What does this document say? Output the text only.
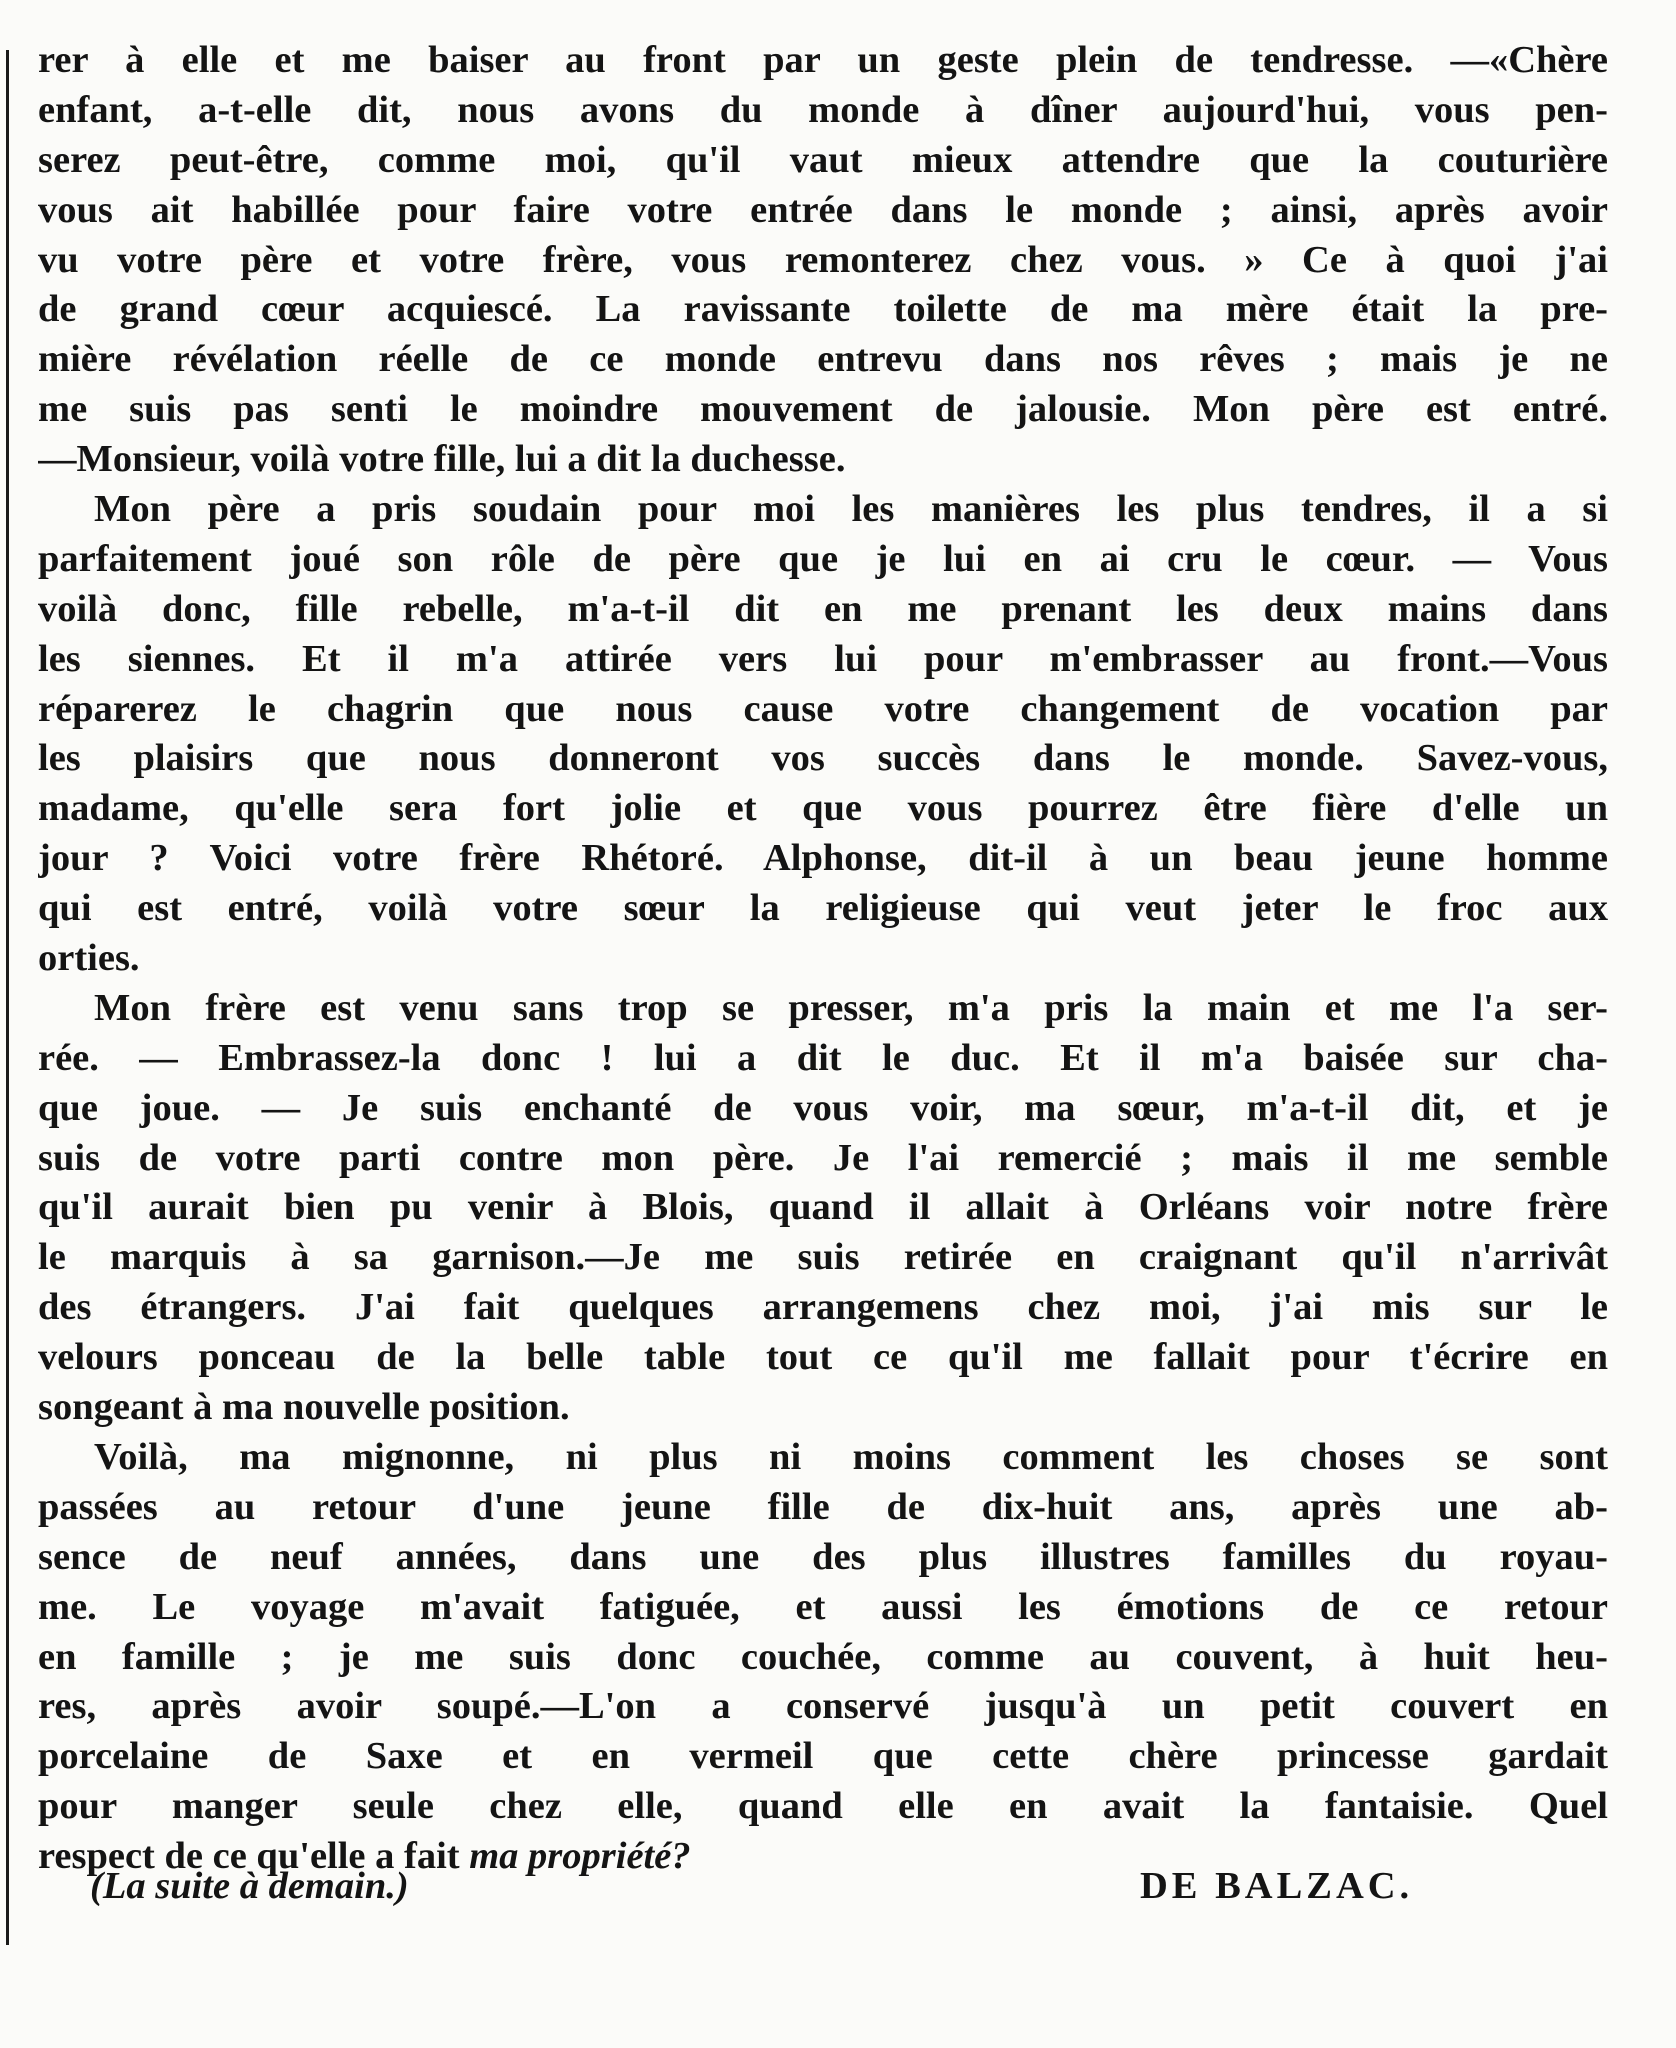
rer à elle et me baiser au front par un geste plein de tendresse. —«Chère
enfant, a-t-elle dit, nous avons du monde à dîner aujourd'hui, vous pen-
serez peut-être, comme moi, qu'il vaut mieux attendre que la couturière
vous ait habillée pour faire votre entrée dans le monde ; ainsi, après avoir
vu votre père et votre frère, vous remonterez chez vous. » Ce à quoi j'ai
de grand cœur acquiescé. La ravissante toilette de ma mère était la pre-
mière révélation réelle de ce monde entrevu dans nos rêves ; mais je ne
me suis pas senti le moindre mouvement de jalousie. Mon père est entré.
—Monsieur, voilà votre fille, lui a dit la duchesse.
Mon père a pris soudain pour moi les manières les plus tendres, il a si
parfaitement joué son rôle de père que je lui en ai cru le cœur. — Vous
voilà donc, fille rebelle, m'a-t-il dit en me prenant les deux mains dans
les siennes. Et il m'a attirée vers lui pour m'embrasser au front.—Vous
réparerez le chagrin que nous cause votre changement de vocation par
les plaisirs que nous donneront vos succès dans le monde. Savez-vous,
madame, qu'elle sera fort jolie et que vous pourrez être fière d'elle un
jour ? Voici votre frère Rhétoré. Alphonse, dit-il à un beau jeune homme
qui est entré, voilà votre sœur la religieuse qui veut jeter le froc aux
orties.
Mon frère est venu sans trop se presser, m'a pris la main et me l'a ser-
rée. — Embrassez-la donc ! lui a dit le duc. Et il m'a baisée sur cha-
que joue. — Je suis enchanté de vous voir, ma sœur, m'a-t-il dit, et je
suis de votre parti contre mon père. Je l'ai remercié ; mais il me semble
qu'il aurait bien pu venir à Blois, quand il allait à Orléans voir notre frère
le marquis à sa garnison.—Je me suis retirée en craignant qu'il n'arrivât
des étrangers. J'ai fait quelques arrangemens chez moi, j'ai mis sur le
velours ponceau de la belle table tout ce qu'il me fallait pour t'écrire en
songeant à ma nouvelle position.
Voilà, ma mignonne, ni plus ni moins comment les choses se sont
passées au retour d'une jeune fille de dix-huit ans, après une ab-
sence de neuf années, dans une des plus illustres familles du royau-
me. Le voyage m'avait fatiguée, et aussi les émotions de ce retour
en famille ; je me suis donc couchée, comme au couvent, à huit heu-
res, après avoir soupé.—L'on a conservé jusqu'à un petit couvert en
porcelaine de Saxe et en vermeil que cette chère princesse gardait
pour manger seule chez elle, quand elle en avait la fantaisie. Quel
respect de ce qu'elle a fait ma propriété?
(La suite à demain.)	DE BALZAC.
